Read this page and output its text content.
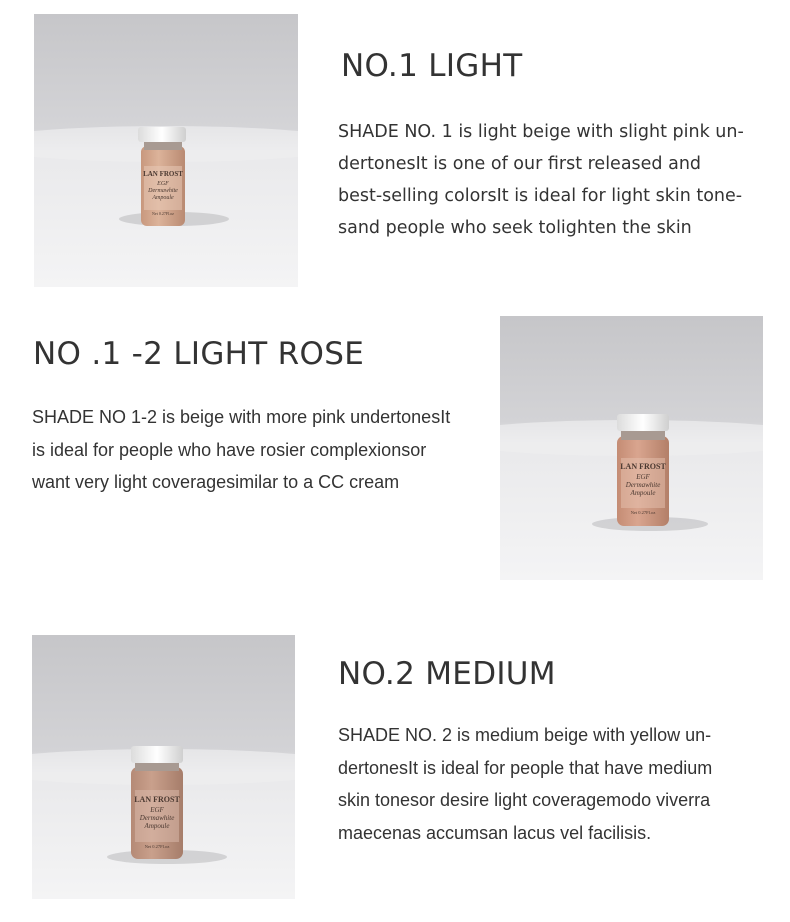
LAN FROST
EGF
Dermawhite
Ampoule
Net 0.27Fl.oz
NO.1 LIGHT
SHADE NO. 1 is light beige with slight pink un-
dertonesIt is one of our first released and
best-selling colorsIt is ideal for light skin tone-
sand people who seek tolighten the skin
NO .1 -2 LIGHT ROSE
SHADE NO 1-2 is beige with more pink undertonesIt
is ideal for people who have rosier complexionsor
want very light coveragesimilar to a CC cream
LAN FROST
EGF
Dermawhite
Ampoule
Net 0.27Fl.oz
LAN FROST
EGF
Dermawhite
Ampoule
Net 0.27Fl.oz
NO.2 MEDIUM
SHADE NO. 2 is medium beige with yellow un-
dertonesIt is ideal for people that have medium
skin tonesor desire light coveragemodo viverra
maecenas accumsan lacus vel facilisis.
